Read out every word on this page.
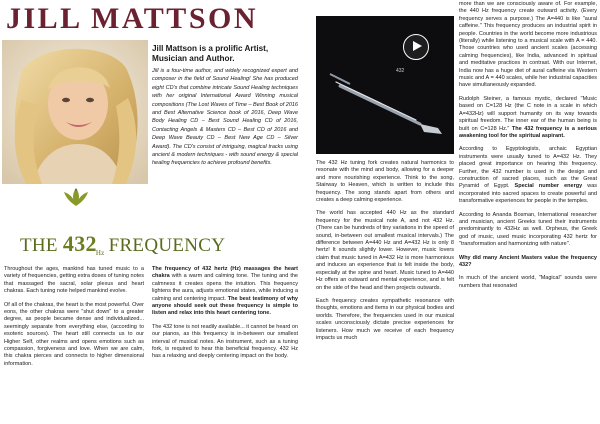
JILL MATTSON
Jill Mattson is a prolific Artist, Musician and Author.
Jill is a four-time author, and widely recognized expert and composer in the field of Sound Healing! She has produced eight CD's that combine intricate Sound Healing techniques with her original International Award Winning musical compositions (The Lost Waves of Time – Best Book of 2016 and Best Alternative Science book of 2016, Deep Wave Body Healing CD – Best Sound Healing CD of 2016, Contacting Angels & Masters CD – Best CD of 2016 and Deep Wave Beauty CD – Best New Age CD – Silver Award). The CD's consist of intriguing, magical tracks using ancient & modern techniques - with sound energy & special healing frequencies to achieve profound benefits.
THE $432_{Hz}$ FREQUENCY

Throughout the ages, mankind has tuned music to a variety of frequencies, getting extra doses of tuning notes that massaged the sacral, solar plexus and heart chakras. Each tuning note helped mankind evolve.

Of all of the chakras, the heart is the most powerful. Over eons, the other chakras were "shut down" to a greater degree, as people became dense and individualized... seemingly separate from everything else, (according to esoteric sources). The heart still connects us to our Higher Self, other realms and opens emotions such as compassion, forgiveness and love. When we are calm, this chakra pierces and connects to higher dimensional information.

The frequency of 432 hertz (Hz) massages the heart chakra with a warm and calming tone. The tuning and the calmness it creates opens the intuition. This frequency lightens the aura, adjusts emotional states, while inducing a calming and centering impact. The best testimony of why anyone should seek out these frequency is simple to listen and relax into this heart centering tone.

The 432 tone is not readily available... it cannot be heard on our pianos, as this frequency is in-between our smallest interval of musical notes. An instrument, such as a tuning fork, is required to hear this beneficial frequency. 432 Hz has a relaxing and deeply centering impact on the body.

432

The 432 Hz tuning fork creates natural harmonics to resonate with the mind and body, allowing for a deeper and more nourishing experience. Think to the song, Stairway to Heaven, which is written to include this frequency. The song stands apart from others and creates a deep calming experience.

The world has accepted 440 Hz as the standard frequency for the musical note A, and not 432 Hz. (There can be hundreds of tiny variations in the speed of sound, in-between out smallest musical intervals.) The difference between A=440 Hz and A=432 Hz is only 8 hertz! It sounds slightly lower. However, music lovers claim that music tuned in A=432 Hz is more harmonious and induces an experience that is felt inside the body, especially at the spine and heart. Music tuned to A=440 Hz offers an outward and mental experience, and is felt on the side of the head and then projects outwards.

Each frequency creates sympathetic resonance with thoughts, emotions and items in our physical bodies and worlds. Therefore, the frequencies used in our musical scales unconsciously dictate precise experiences for listeners. How much we receive of each frequency impacts us much

more than we are consciously aware of. For example, the 440 Hz frequency create outward activity. (Every frequency serves a purpose.) The A=440 is like "aural caffeine." This frequency produces an industrial spirit in people. Countries in the world become more industrious (literally) while listening to a musical scale with A = 440. Those countries who used ancient scales (accessing calming frequencies), like India, advanced in spiritual and meditative practices in contrast. With our Internet, India now has a huge diet of aural caffeine via Western music and A = 440 scales, while her industrial capacities have simultaneously expanded.

Rudolph Steiner, a famous mystic, declared "Music based on C=128 Hz (the C note in a scale in which A=432Hz) will support humanity on its way towards spiritual freedom. The inner ear of the human being is built on C=128 Hz." The 432 frequency is a serious awakening tool for the spiritual aspirant.

According to Egyptologists, archaic Egyptian instruments were usually tuned to A=432 Hz. They placed great importance on hearing this frequency. Further, the 432 number is used in the design and construction of sacred places, such as the Great Pyramid of Egypt. Special number energy was incorporated into sacred spaces to create powerful and transformative experiences for people in the temples.

According to Ananda Bosman, International researcher and musician, ancient Greeks tuned their instruments predominantly to 432Hz as well. Orpheus, the Greek god of music, used music incorporating 432 hertz for "transformation and harmonizing with nature".

Why did many Ancient Masters value the frequency 432?

In much of the ancient world, "Magical" sounds were numbers that resonated
